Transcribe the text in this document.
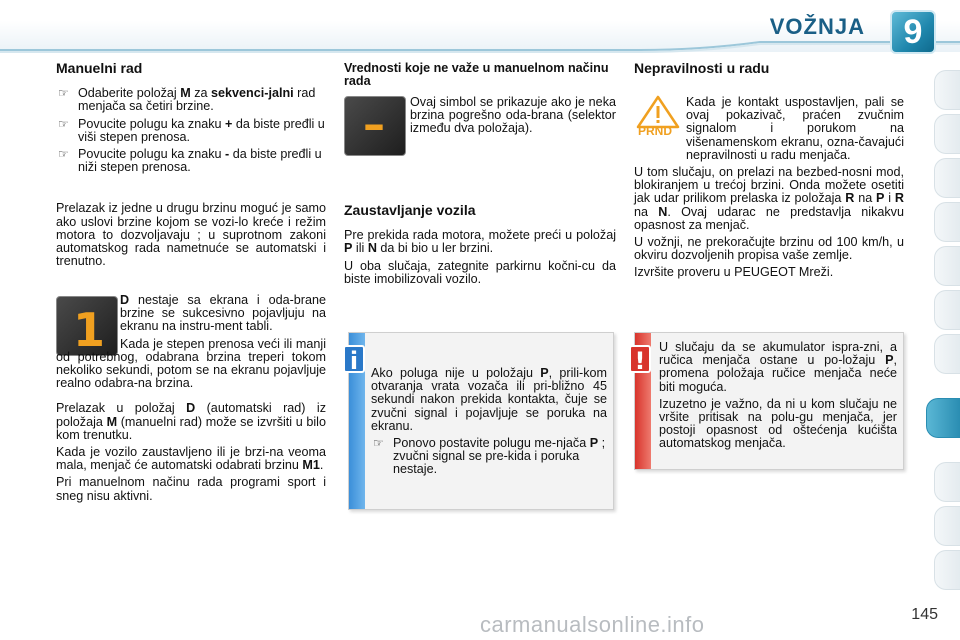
VOŽNJA	9
Manuelni rad
☞ Odaberite položaj M za sekvenci-jalni rad menjača sa četiri brzine.
☞ Povucite polugu ka znaku + da biste pređli u viši stepen prenosa.
☞ Povucite polugu ka znaku - da biste pređli u niži stepen prenosa.

Prelazak iz jedne u drugu brzinu moguć je samo ako uslovi brzine kojom se vozi-lo kreće i režim motora to dozvoljavaju ; u suprotnom zakoni automatskog rada nametnuće se automatski i trenutno.

1

D nestaje sa ekrana i oda-brane brzine se sukcesivno pojavljuju na ekranu na instru-ment tabli.

Kada je stepen prenosa veći ili manji od potrebnog, odabrana brzina treperi tokom nekoliko sekundi, potom se na ekranu pojavljuje realno odabra-na brzina.

Prelazak u položaj D (automatski rad) iz položaja M (manuelni rad) može se izvršiti u bilo kom trenutku.

Kada je vozilo zaustavljeno ili je brzi-na veoma mala, menjač će automatski odabrati brzinu M1.

Pri manuelnom načinu rada programi sport i sneg nisu aktivni.

Vrednosti koje ne važe u manuelnom načinu rada
– Ovaj simbol se prikazuje ako je neka brzina pogrešno oda-brana (selektor između dva položaja).

Zaustavljanje vozila

Pre prekida rada motora, možete preći u položaj P ili N da bi bio u ler brzini.

U oba slučaja, zategnite parkirnu kočni-cu da biste imobilizovali vozilo.

i	Ako poluga nije u položaju P, prili-kom otvaranja vrata vozača ili pri-bližno 45 sekundi nakon prekida kontakta, čuje se zvučni signal i pojavljuje se poruka na ekranu.

☞ Ponovo postavite polugu me-njača P ; zvučni signal se pre-kida i poruka nestaje.
Nepravilnosti u radu
PRND

Kada je kontakt uspostavljen, pali se ovaj pokazivač, praćen zvučnim signalom i porukom na višenamenskom ekranu, ozna-čavajući nepravilnosti u radu menjača.

U tom slučaju, on prelazi na bezbed-nosni mod, blokiranjem u trećoj brzini. Onda možete osetiti jak udar prilikom prelaska iz položaja R na P i R na N. Ovaj udarac ne predstavlja nikakvu opasnost za menjač.

U vožnji, ne prekoračujte brzinu od 100 km/h, u okviru dozvoljenih propisa vaše zemlje.

Izvršite proveru u PEUGEOT Mreži.

!	U slučaju da se akumulator ispra-zni, a ručica menjača ostane u po-ložaju P, promena položaja ručice menjača neće biti moguća.

Izuzetno je važno, da ni u kom slučaju ne vršite pritisak na polu-gu menjača, jer postoji opasnost od oštećenja kućišta automatskog menjača.

carmanualsonline.info	145
